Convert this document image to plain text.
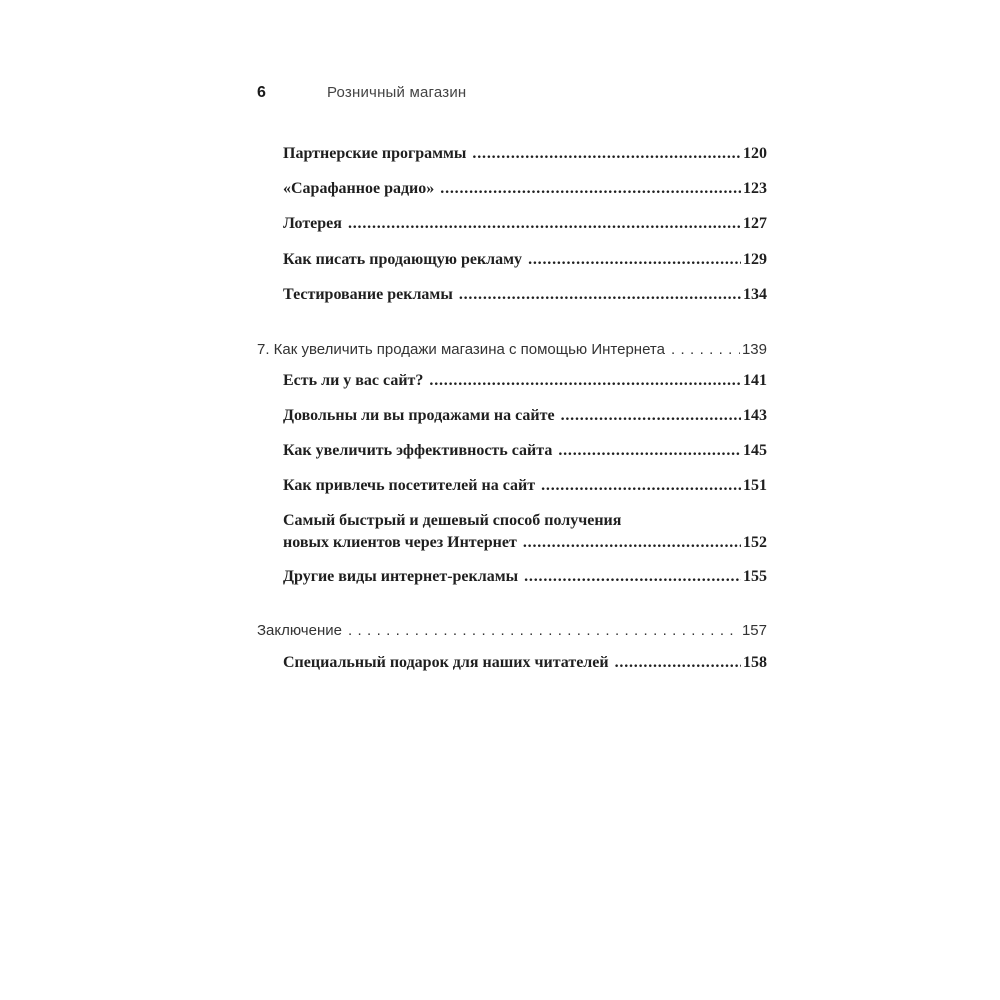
6	Розничный магазин
Партнерские программы . . .	120
«Сарафанное радио» . . .	123
Лотерея . . .	127
Как писать продающую рекламу . . .	129
Тестирование рекламы . . .	134
7. Как увеличить продажи магазина с помощью Интернета . . .	139
Есть ли у вас сайт? . . .	141
Довольны ли вы продажами на сайте . . .	143
Как увеличить эффективность сайта . . .	145
Как привлечь посетителей на сайт . . .	151
Самый быстрый и дешевый способ получения
новых клиентов через Интернет . . .	152
Другие виды интернет-рекламы . . .	155
Заключение . . .	157
Специальный подарок для наших читателей . . .	158
